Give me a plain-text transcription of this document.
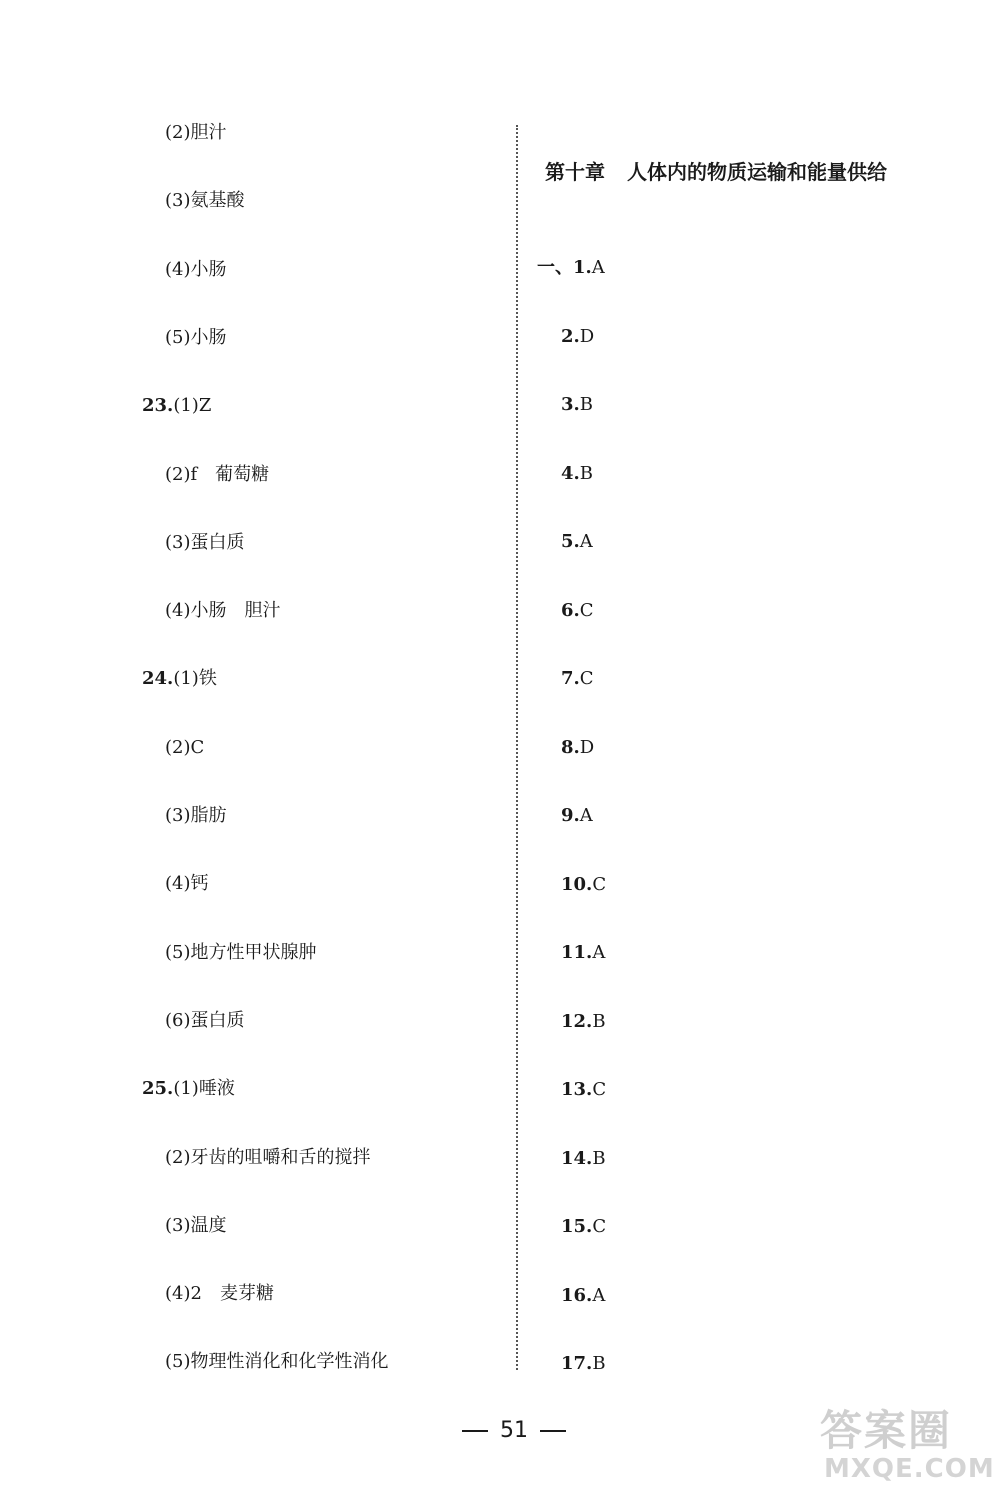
(2)胆汁
(3)氨基酸
(4)小肠
(5)小肠
23.(1)Z
(2)f　葡萄糖
(3)蛋白质
(4)小肠　胆汁
24.(1)铁
(2)C
(3)脂肪
(4)钙
(5)地方性甲状腺肿
(6)蛋白质
25.(1)唾液
(2)牙齿的咀嚼和舌的搅拌
(3)温度
(4)2　麦芽糖
(5)物理性消化和化学性消化
第十章 人体内的物质运输和能量供给
一、1.A
2.D
3.B
4.B
5.A
6.C
7.C
8.D
9.A
10.C
11.A
12.B
13.C
14.B
15.C
16.A
17.B
51	答案圈
MXQE.COM
